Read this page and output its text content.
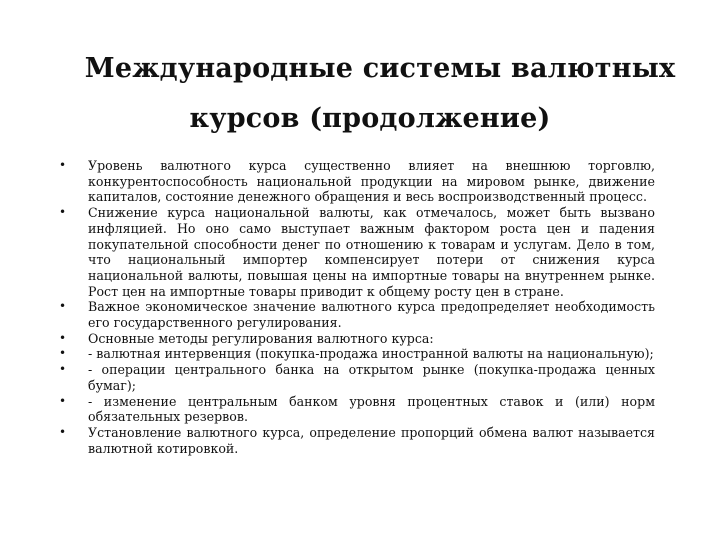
Международные системы валютных
курсов (продолжение)
• Уровень валютного курса существенно влияет на внешнюю торговлю, конкурентоспособность национальной продукции на мировом рынке, движение капиталов, состояние денежного обращения и весь воспроизводственный процесс.
• Снижение курса национальной валюты, как отмечалось, может быть вызвано инфляцией. Но оно само выступает важным фактором роста цен и падения покупательной способности денег по отношению к товарам и услугам. Дело в том, что национальный импортер компенсирует потери от снижения курса национальной валюты, повышая цены на импортные товары на внутреннем рынке. Рост цен на импортные товары приводит к общему росту цен в стране.
• Важное экономическое значение валютного курса предопределяет необходимость его государственного регулирования.
• Основные методы регулирования валютного курса:
• - валютная интервенция (покупка-продажа иностранной валюты на национальную);
• - операции центрального банка на открытом рынке (покупка-продажа ценных бумаг);
• - изменение центральным банком уровня процентных ставок и (или) норм обязательных резервов.
• Установление валютного курса, определение пропорций обмена валют называется валютной котировкой.
